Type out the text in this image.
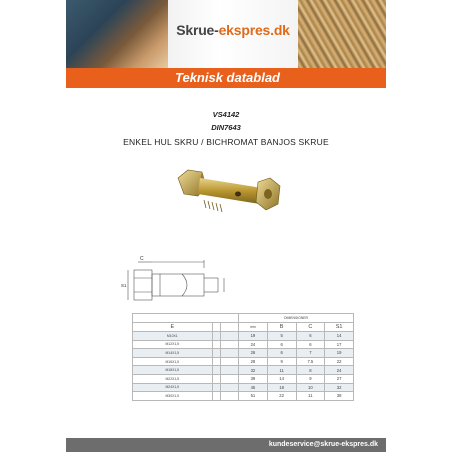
Skrue-ekspres.dk
Teknisk datablad
VS4142
DIN7643
ENKEL HUL SKRU / BICHROMAT BANJOS SKRUE
C
S1
			DIMENSIONER			
E			mm	B	C	S1
M10X1			19	5	6	14
M12X1,5			24	6	6	17
M14X1,5			26	6	7	19
M16X1,5			28	9	7.5	22
M18X1,5			32	11	8	24
M22X1,5			39	14	9	27
M24X1,5			45	18	10	32
M30X1,5			51	22	11	38
kundeservice@skrue-ekspres.dk
